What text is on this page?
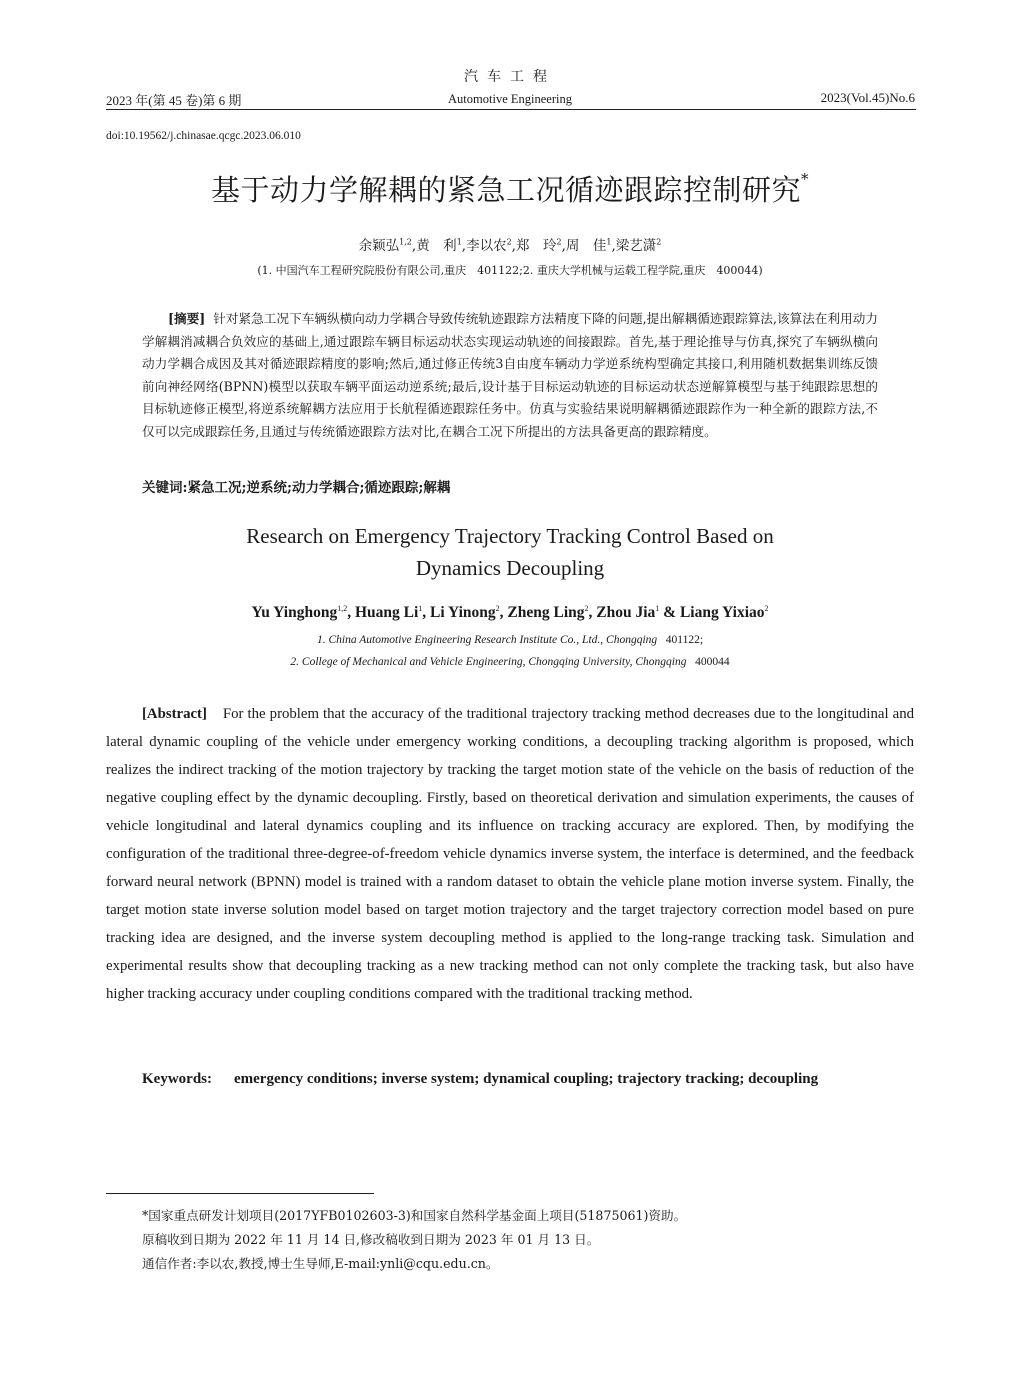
汽车工程
2023 年(第 45 卷)第 6 期	Automotive Engineering	2023(Vol.45)No.6
doi:10.19562/j.chinasae.qcgc.2023.06.010
基于动力学解耦的紧急工况循迹跟踪控制研究*
余颖弘$^{1,2}$,黄　利$^1$,李以农$^2$,郑　玲$^2$,周　佳$^1$,梁艺潇$^2$
(1. 中国汽车工程研究院股份有限公司,重庆　401122;2. 重庆大学机械与运载工程学院,重庆　400044)
[摘要] 针对紧急工况下车辆纵横向动力学耦合导致传统轨迹跟踪方法精度下降的问题,提出解耦循迹跟踪算法,该算法在利用动力学解耦消减耦合负效应的基础上,通过跟踪车辆目标运动状态实现运动轨迹的间接跟踪。首先,基于理论推导与仿真,探究了车辆纵横向动力学耦合成因及其对循迹跟踪精度的影响;然后,通过修正传统3自由度车辆动力学逆系统构型确定其接口,利用随机数据集训练反馈前向神经网络(BPNN)模型以获取车辆平面运动逆系统;最后,设计基于目标运动轨迹的目标运动状态逆解算模型与基于纯跟踪思想的目标轨迹修正模型,将逆系统解耦方法应用于长航程循迹跟踪任务中。仿真与实验结果说明解耦循迹跟踪作为一种全新的跟踪方法,不仅可以完成跟踪任务,且通过与传统循迹跟踪方法对比,在耦合工况下所提出的方法具备更高的跟踪精度。
关键词:紧急工况;逆系统;动力学耦合;循迹跟踪;解耦
Research on Emergency Trajectory Tracking Control Based on
Dynamics Decoupling
Yu Yinghong$^{1,2}$, Huang Li$^1$, Li Yinong$^2$, Zheng Ling$^2$, Zhou Jia$^1$ & Liang Yixiao$^2$
1. China Automotive Engineering Research Institute Co., Ltd., Chongqing 401122;
2. College of Mechanical and Vehicle Engineering, Chongqing University, Chongqing 400044
[Abstract] For the problem that the accuracy of the traditional trajectory tracking method decreases due to the longitudinal and lateral dynamic coupling of the vehicle under emergency working conditions, a decoupling tracking algorithm is proposed, which realizes the indirect tracking of the motion trajectory by tracking the target motion state of the vehicle on the basis of reduction of the negative coupling effect by the dynamic decoupling. Firstly, based on theoretical derivation and simulation experiments, the causes of vehicle longitudinal and lateral dynamics coupling and its influence on tracking accuracy are explored. Then, by modifying the configuration of the traditional three-degree-of-freedom vehicle dynamics inverse system, the interface is determined, and the feedback forward neural network (BPNN) model is trained with a random dataset to obtain the vehicle plane motion inverse system. Finally, the target motion state inverse solution model based on target motion trajectory and the target trajectory correction model based on pure tracking idea are designed, and the inverse system decoupling method is applied to the long-range tracking task. Simulation and experimental results show that decoupling tracking as a new tracking method can not only complete the tracking task, but also have higher tracking accuracy under coupling conditions compared with the traditional tracking method.
Keywords: emergency conditions; inverse system; dynamical coupling; trajectory tracking; decoupling
*国家重点研发计划项目(2017YFB0102603-3)和国家自然科学基金面上项目(51875061)资助。
原稿收到日期为 2022 年 11 月 14 日,修改稿收到日期为 2023 年 01 月 13 日。
通信作者:李以农,教授,博士生导师,E-mail:ynli@cqu.edu.cn。
